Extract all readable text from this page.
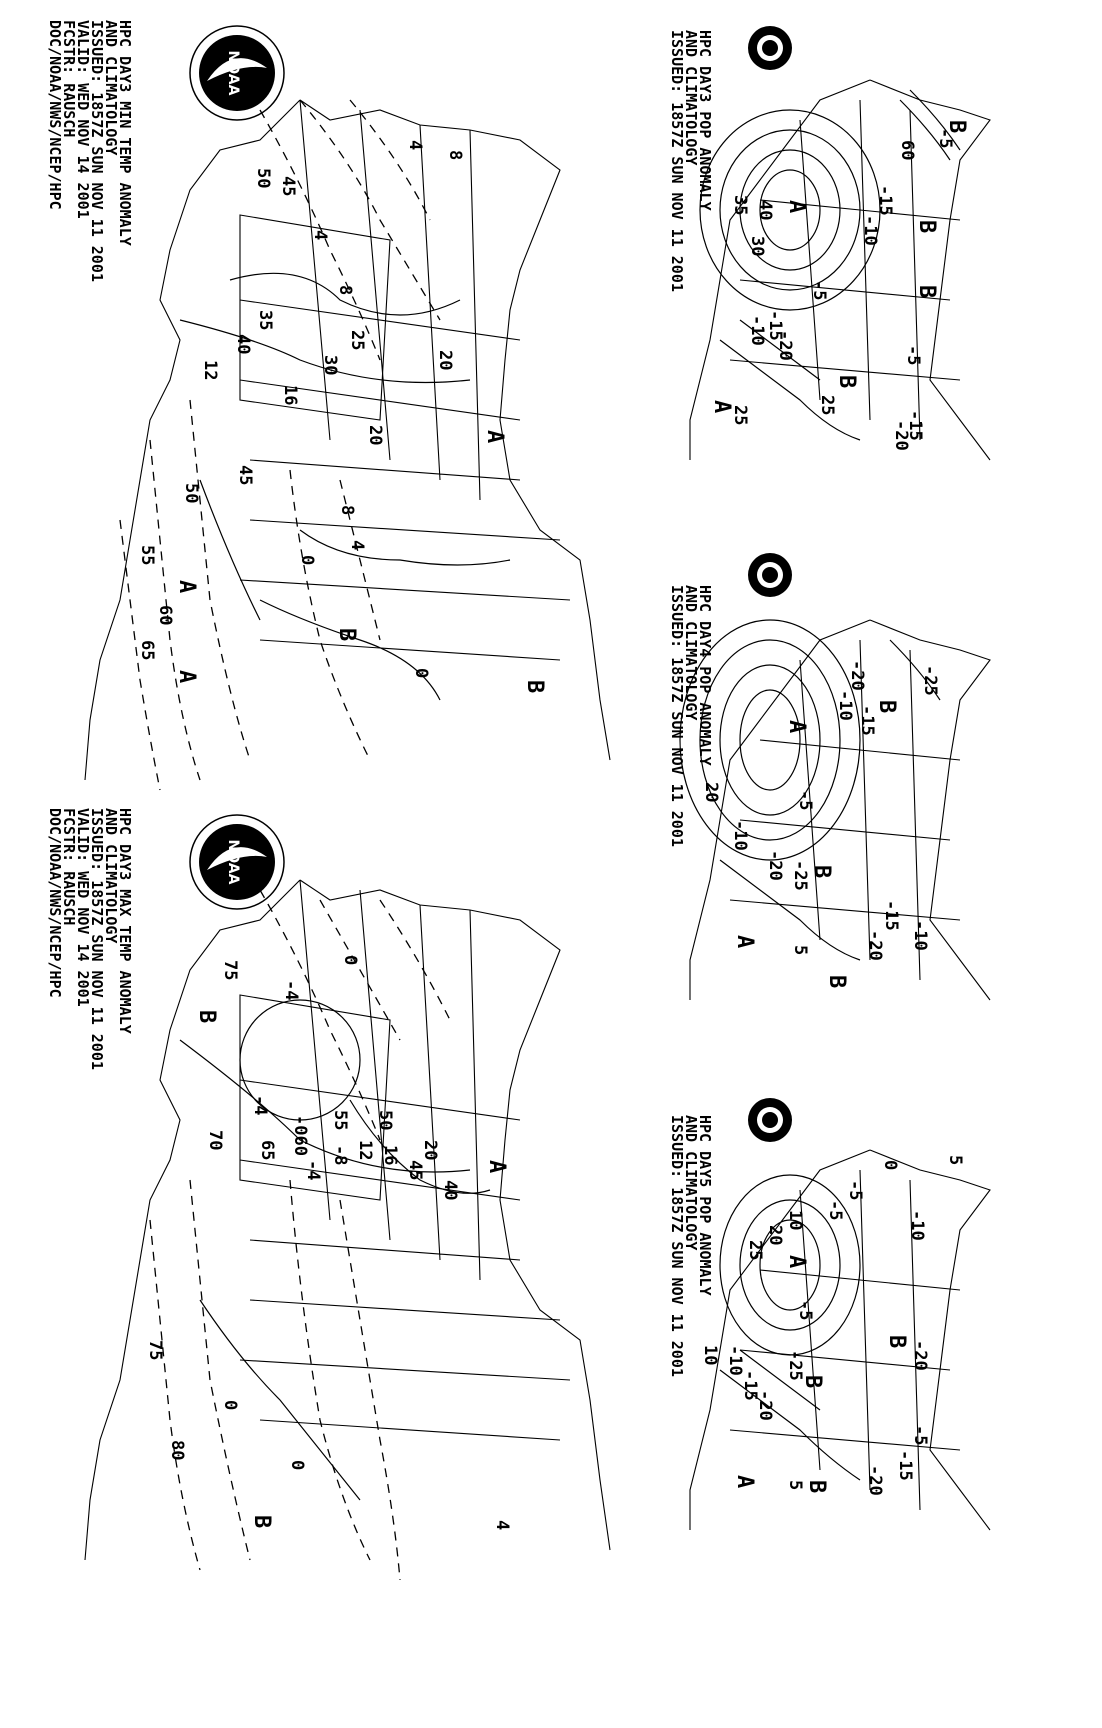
HPC DAY3 MIN TEMP ANOMALY
AND CLIMATOLOGY
ISSUED: 1857Z SUN NOV 11 2001
VALID: WED NOV 14 2001
FCSTR: RAUSCH
DOC/NOAA/NWS/NCEP/HPC	NOAA
50 45
4
8
4
35
40
8
25
20
12
16
30
20	A
45
50
8
4
55
A
0
60
B
65
A	0
B
HPC DAY3 MAX TEMP ANOMALY
AND CLIMATOLOGY
ISSUED: 1857Z SUN NOV 11 2001
VALID: WED NOV 14 2001
FCSTR: RAUSCH
DOC/NOAA/NWS/NCEP/HPC	NOAA
75	0
-4
B
-4
70 65 -060
-4
55
-8
50
12 16 20
45	A
40
75
0
80
0
B	4
HPC DAY3 POP ANOMALY
AND CLIMATOLOGY
ISSUED: 1857Z SUN NOV 11 2001	B
-5
60
-15
-10 B
A
35 40
30
B
-5
-20
-10
-15
-5
B
25
A
-15
-20
25
HPC DAY4 POP ANOMALY
AND CLIMATOLOGY
ISSUED: 1857Z SUN NOV 11 2001	-25
-20
B
-10 -15
A
20	-5
-10
-20 -25 B
-10
-15
-20
A
5
B
HPC DAY5 POP ANOMALY
AND CLIMATOLOGY
ISSUED: 1857Z SUN NOV 11 2001	5
0
-5
-10
-5
A
10
20
25
-20
B
-5
-25
B
10 -10
-15
-20
-5
-15
-20
A 5 B
